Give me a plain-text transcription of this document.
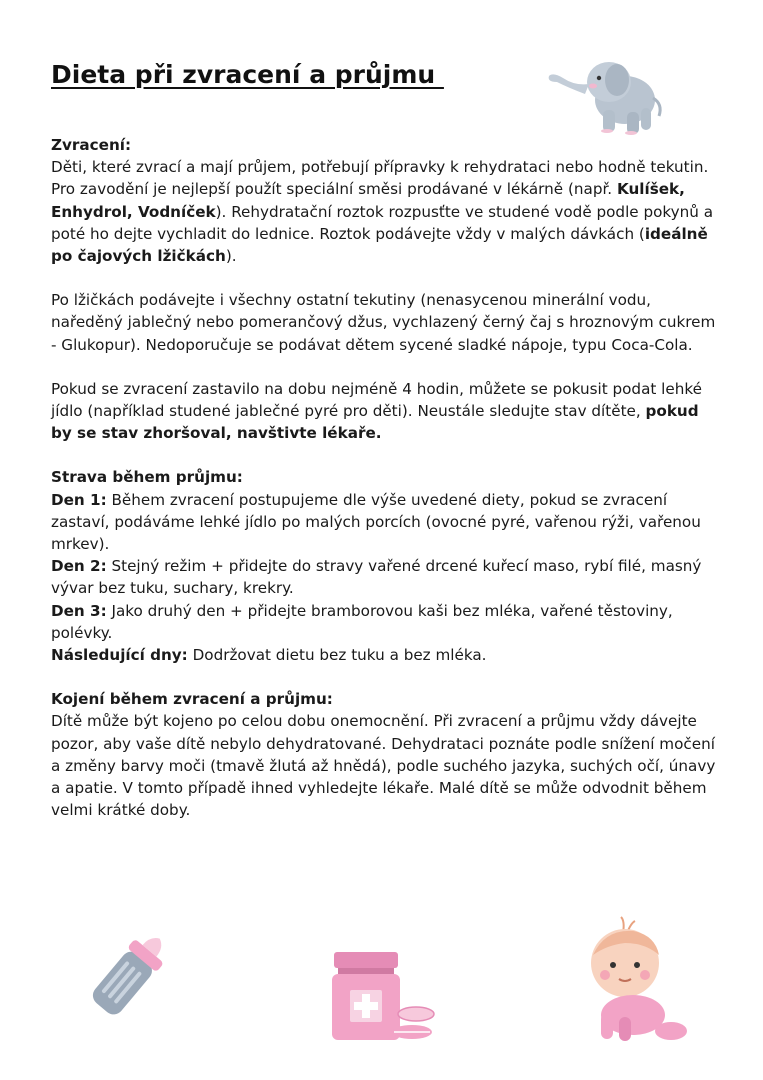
Dieta při zvracení a průjmu

Zvracení:

Děti, které zvrací a mají průjem, potřebují přípravky k rehydrataci nebo hodně tekutin. Pro zavodění je nejlepší použít speciální směsi prodávané v lékárně (např. Kulíšek, Enhydrol, Vodníček). Rehydratační roztok rozpusťte ve studené vodě podle pokynů a poté ho dejte vychladit do lednice. Roztok podávejte vždy v malých dávkách (ideálně po čajových lžičkách).

Po lžičkách podávejte i všechny ostatní tekutiny (nenasycenou minerální vodu, naředěný jablečný nebo pomerančový džus, vychlazený černý čaj s hroznovým cukrem - Glukopur). Nedoporučuje se podávat dětem sycené sladké nápoje, typu Coca-Cola.

Pokud se zvracení zastavilo na dobu nejméně 4 hodin, můžete se pokusit podat lehké jídlo (například studené jablečné pyré pro děti). Neustále sledujte stav dítěte, pokud by se stav zhoršoval, navštivte lékaře.

Strava během průjmu:

Den 1: Během zvracení postupujeme dle výše uvedené diety, pokud se zvracení zastaví, podáváme lehké jídlo po malých porcích (ovocné pyré, vařenou rýži, vařenou mrkev).

Den 2: Stejný režim + přidejte do stravy vařené drcené kuřecí maso, rybí filé, masný vývar bez tuku, suchary, krekry.

Den 3: Jako druhý den + přidejte bramborovou kaši bez mléka, vařené těstoviny, polévky.

Následující dny: Dodržovat dietu bez tuku a bez mléka.

Kojení během zvracení a průjmu:

Dítě může být kojeno po celou dobu onemocnění. Při zvracení a průjmu vždy dávejte pozor, aby vaše dítě nebylo dehydratované. Dehydrataci poznáte podle snížení močení a změny barvy moči (tmavě žlutá až hnědá), podle suchého jazyka, suchých očí, únavy a apatie. V tomto případě ihned vyhledejte lékaře. Malé dítě se může odvodnit během velmi krátké doby.
